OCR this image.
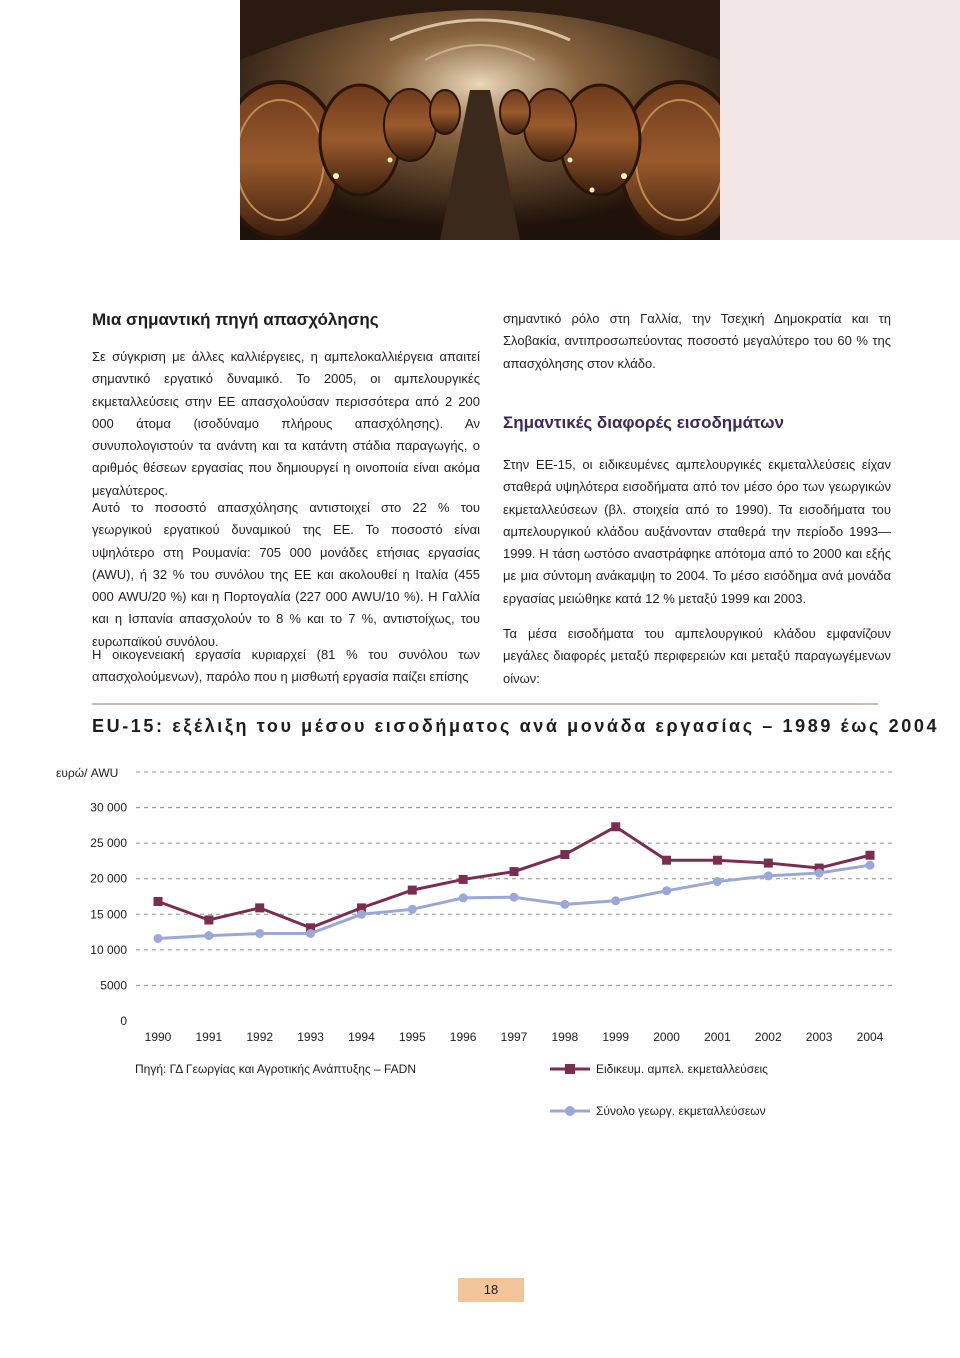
Μια σημαντική πηγή απασχόλησης

Σε σύγκριση με άλλες καλλιέργειες, η αμπελοκαλλιέργεια απαιτεί σημαντικό εργατικό δυναμικό. Το 2005, οι αμπελουργικές εκμεταλλεύσεις στην ΕΕ απασχολούσαν περισσότερα από 2 200 000 άτομα (ισοδύναμο πλήρους απασχόλησης). Αν συνυπολογιστούν τα ανάντη και τα κατάντη στάδια παραγωγής, ο αριθμός θέσεων εργασίας που δημιουργεί η οινοποιία είναι ακόμα μεγαλύτερος.

Αυτό το ποσοστό απασχόλησης αντιστοιχεί στο 22 % του γεωργικού εργατικού δυναμικού της ΕΕ. Το ποσοστό είναι υψηλότερο στη Ρουμανία: 705 000 μονάδες ετήσιας εργασίας (AWU), ή 32 % του συνόλου της ΕΕ και ακολουθεί η Ιταλία (455 000 AWU/20 %) και η Πορτογαλία (227 000 AWU/10 %). Η Γαλλία και η Ισπανία απασχολούν το 8 % και το 7 %, αντιστοίχως, του ευρωπαϊκού συνόλου.

Η οικογενειακή εργασία κυριαρχεί (81 % του συνόλου των απασχολούμενων), παρόλο που η μισθωτή εργασία παίζει επίσης

σημαντικό ρόλο στη Γαλλία, την Τσεχική Δημοκρατία και τη Σλοβακία, αντιπροσωπεύοντας ποσοστό μεγαλύτερο του 60 % της απασχόλησης στον κλάδο.

Σημαντικές διαφορές εισοδημάτων

Στην ΕΕ-15, οι ειδικευμένες αμπελουργικές εκμεταλλεύσεις είχαν σταθερά υψηλότερα εισοδήματα από τον μέσο όρο των γεωργικών εκμεταλλεύσεων (βλ. στοιχεία από το 1990). Τα εισοδήματα του αμπελουργικού κλάδου αυξάνονταν σταθερά την περίοδο 1993—1999. Η τάση ωστόσο αναστράφηκε απότομα από το 2000 και εξής με μια σύντομη ανάκαμψη το 2004. Το μέσο εισόδημα ανά μονάδα εργασίας μειώθηκε κατά 12 % μεταξύ 1999 και 2003.

Τα μέσα εισοδήματα του αμπελουργικού κλάδου εμφανίζουν μεγάλες διαφορές μεταξύ περιφερειών και μεταξύ παραγωγέμενων οίνων:

EU-15: εξέλιξη του μέσου εισοδήματος ανά μονάδα εργασίας – 1989 έως 2004
ευρώ/ AWU
0
5000
10 000
15 000
20 000
25 000
30 000
1990 1991 1992 1993 1994 1995 1996 1997 1998 1999 2000 2001 2002 2003 2004
Πηγή: ΓΔ Γεωργίας και Αγροτικής Ανάπτυξης – FADN	Ειδικευμ. αμπελ. εκμεταλλεύσεις
Σύνολο γεωργ. εκμεταλλεύσεων
18
